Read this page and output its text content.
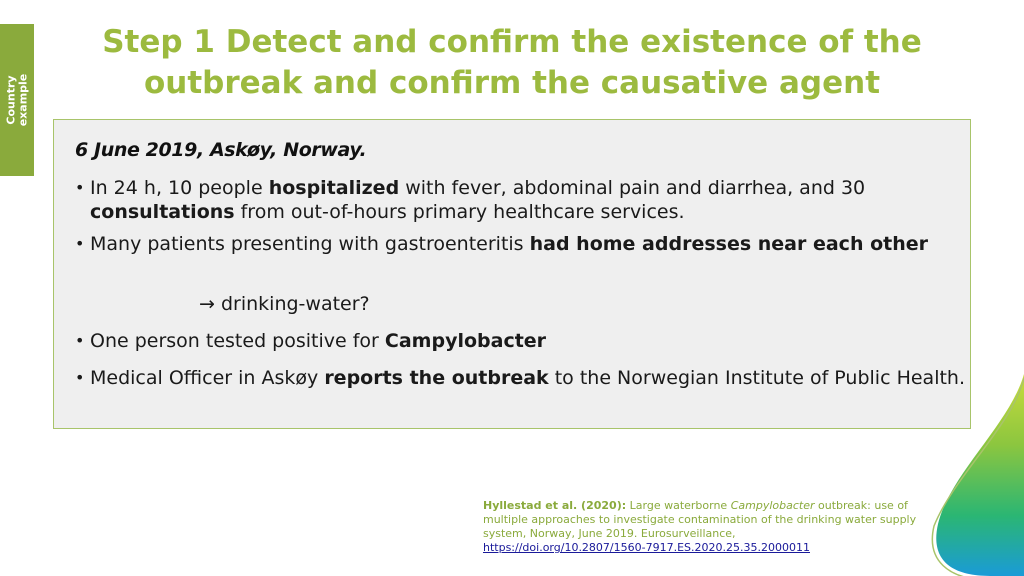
Country example
Step 1 Detect and confirm the existence of the
outbreak and confirm the causative agent
6 June 2019, Askøy, Norway.
• In 24 h, 10 people hospitalized with fever, abdominal pain and diarrhea, and 30 consultations from out-of-hours primary healthcare services.
• Many patients presenting with gastroenteritis had home addresses near each other
→ drinking-water?
• One person tested positive for Campylobacter
• Medical Officer in Askøy reports the outbreak to the Norwegian Institute of Public Health.
Hyllestad et al. (2020): Large waterborne Campylobacter outbreak: use of multiple approaches to investigate contamination of the drinking water supply system, Norway, June 2019. Eurosurveillance,
https://doi.org/10.2807/1560-7917.ES.2020.25.35.2000011
